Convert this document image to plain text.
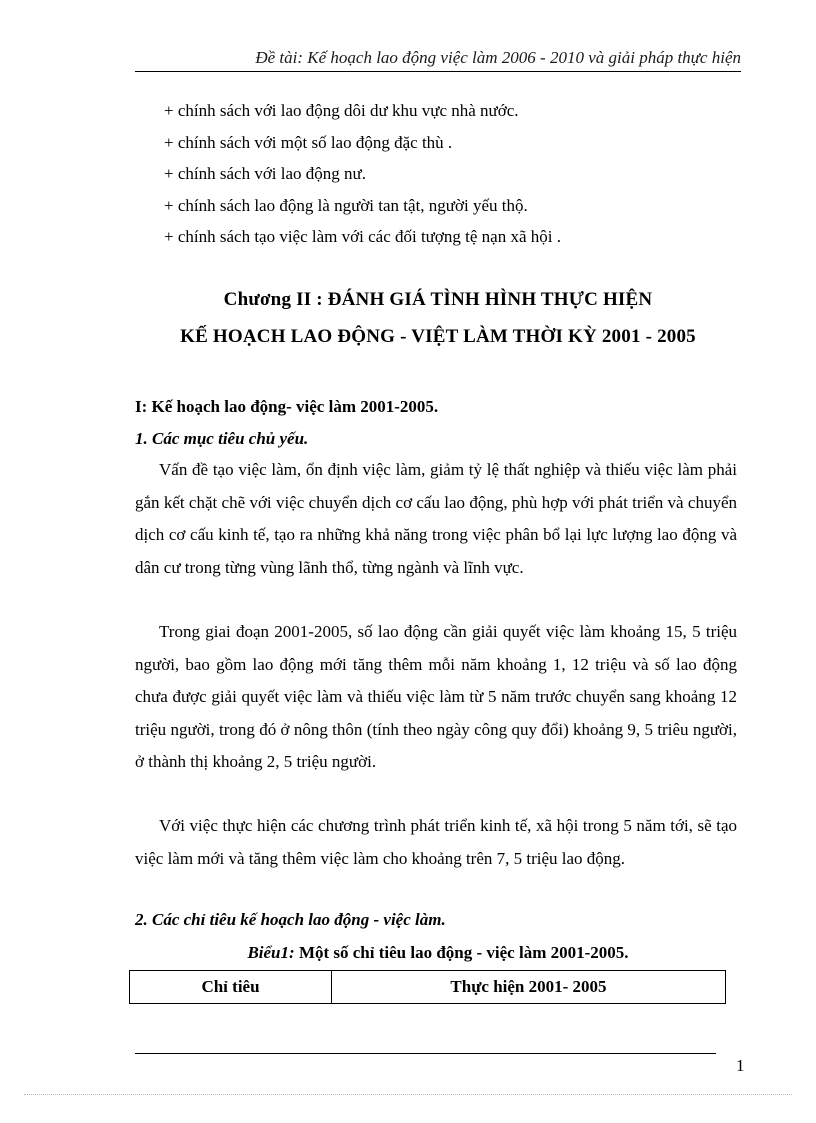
Đề tài: Kế hoạch lao động việc làm 2006 - 2010 và giải pháp thực hiện
+ chính sách với lao động dôi dư khu vực nhà nước.
+ chính sách với một số lao động đặc thù .
+ chính sách với lao động nư.
+ chính sách lao động là người tan tật, người yếu thộ.
+ chính sách tạo việc làm với các đối tượng tệ nạn xã hội .
Chương II : ĐÁNH GIÁ TÌNH HÌNH THỰC HIỆN
KẾ HOẠCH LAO ĐỘNG - VIỆT LÀM THỜI KỲ 2001 - 2005
I: Kế hoạch lao động- việc làm 2001-2005.
1. Các mục tiêu chủ yếu.

Vấn đề tạo việc làm, ổn định việc làm, giảm tỷ lệ thất nghiệp và thiếu việc làm phải gắn kết chặt chẽ với việc chuyển dịch cơ cấu lao động, phù hợp với phát triển và chuyển dịch cơ cấu kinh tế, tạo ra những khả năng trong việc phân bổ lại lực lượng lao động và dân cư trong từng vùng lãnh thổ, từng ngành và lĩnh vực.

Trong giai đoạn 2001-2005, số lao động cần giải quyết việc làm khoảng 15, 5 triệu người, bao gồm lao động mới tăng thêm mỗi năm khoảng 1, 12 triệu và số lao động chưa được giải quyết việc làm và thiếu việc làm từ 5 năm trước chuyển sang khoảng 12 triệu người, trong đó ở nông thôn (tính theo ngày công quy đổi) khoảng 9, 5 triêu người, ở thành thị khoảng 2, 5 triệu người.

Với việc thực hiện các chương trình phát triển kinh tế, xã hội trong 5 năm tới, sẽ tạo việc làm mới và tăng thêm việc làm cho khoảng trên 7, 5 triệu lao động.

2. Các chỉ tiêu kế hoạch lao động - việc làm.
Biểu1: Một số chỉ tiêu lao động - việc làm 2001-2005.
Chỉ tiêu	Thực hiện 2001- 2005
1
